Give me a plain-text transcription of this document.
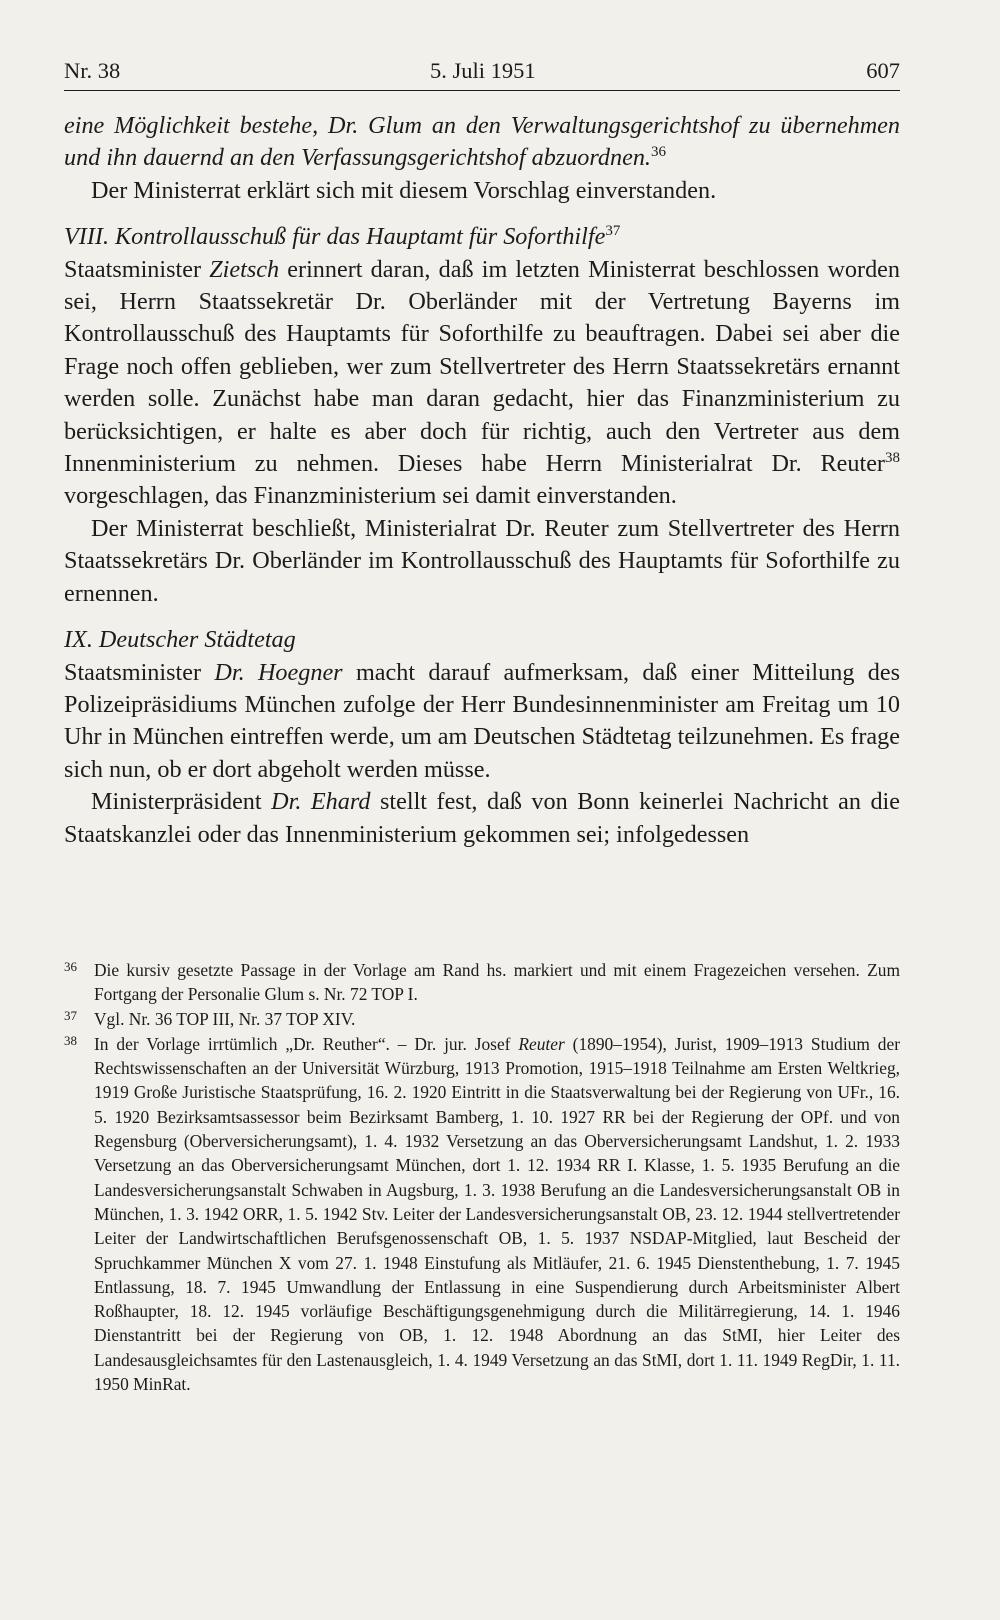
Nr. 38	5. Juli 1951	607

eine Möglichkeit bestehe, Dr. Glum an den Verwaltungsgerichtshof zu übernehmen und ihn dauernd an den Verfassungsgerichtshof abzuordnen.$^{36}$

Der Ministerrat erklärt sich mit diesem Vorschlag einverstanden.

VIII. Kontrollausschuß für das Hauptamt für Soforthilfe$^{37}$

Staatsminister Zietsch erinnert daran, daß im letzten Ministerrat beschlossen worden sei, Herrn Staatssekretär Dr. Oberländer mit der Vertretung Bayerns im Kontrollausschuß des Hauptamts für Soforthilfe zu beauftragen. Dabei sei aber die Frage noch offen geblieben, wer zum Stellvertreter des Herrn Staatssekretärs ernannt werden solle. Zunächst habe man daran gedacht, hier das Finanzministerium zu berücksichtigen, er halte es aber doch für richtig, auch den Vertreter aus dem Innenministerium zu nehmen. Dieses habe Herrn Ministerialrat Dr. Reuter$^{38}$ vorgeschlagen, das Finanzministerium sei damit einverstanden.

Der Ministerrat beschließt, Ministerialrat Dr. Reuter zum Stellvertreter des Herrn Staatssekretärs Dr. Oberländer im Kontrollausschuß des Hauptamts für Soforthilfe zu ernennen.

IX. Deutscher Städtetag

Staatsminister Dr. Hoegner macht darauf aufmerksam, daß einer Mitteilung des Polizeipräsidiums München zufolge der Herr Bundesinnenminister am Freitag um 10 Uhr in München eintreffen werde, um am Deutschen Städtetag teilzunehmen. Es frage sich nun, ob er dort abgeholt werden müsse.

Ministerpräsident Dr. Ehard stellt fest, daß von Bonn keinerlei Nachricht an die Staatskanzlei oder das Innenministerium gekommen sei; infolgedessen

36 Die kursiv gesetzte Passage in der Vorlage am Rand hs. markiert und mit einem Fragezeichen versehen. Zum Fortgang der Personalie Glum s. Nr. 72 TOP I.

37 Vgl. Nr. 36 TOP III, Nr. 37 TOP XIV.

38 In der Vorlage irrtümlich „Dr. Reuther“. – Dr. jur. Josef Reuter (1890–1954), Jurist, 1909–1913 Studium der Rechtswissenschaften an der Universität Würzburg, 1913 Promotion, 1915–1918 Teilnahme am Ersten Weltkrieg, 1919 Große Juristische Staatsprüfung, 16. 2. 1920 Eintritt in die Staatsverwaltung bei der Regierung von UFr., 16. 5. 1920 Bezirksamtsassessor beim Bezirksamt Bamberg, 1. 10. 1927 RR bei der Regierung der OPf. und von Regensburg (Oberversicherungsamt), 1. 4. 1932 Versetzung an das Oberversicherungsamt Landshut, 1. 2. 1933 Versetzung an das Oberversicherungsamt München, dort 1. 12. 1934 RR I. Klasse, 1. 5. 1935 Berufung an die Landesversicherungsanstalt Schwaben in Augsburg, 1. 3. 1938 Berufung an die Landesversicherungsanstalt OB in München, 1. 3. 1942 ORR, 1. 5. 1942 Stv. Leiter der Landesversicherungsanstalt OB, 23. 12. 1944 stellvertretender Leiter der Landwirtschaftlichen Berufsgenossenschaft OB, 1. 5. 1937 NSDAP-Mitglied, laut Bescheid der Spruchkammer München X vom 27. 1. 1948 Einstufung als Mitläufer, 21. 6. 1945 Dienstenthebung, 1. 7. 1945 Entlassung, 18. 7. 1945 Umwandlung der Entlassung in eine Suspendierung durch Arbeitsminister Albert Roßhaupter, 18. 12. 1945 vorläufige Beschäftigungsgenehmigung durch die Militärregierung, 14. 1. 1946 Dienstantritt bei der Regierung von OB, 1. 12. 1948 Abordnung an das StMI, hier Leiter des Landesausgleichsamtes für den Lastenausgleich, 1. 4. 1949 Versetzung an das StMI, dort 1. 11. 1949 RegDir, 1. 11. 1950 MinRat.
